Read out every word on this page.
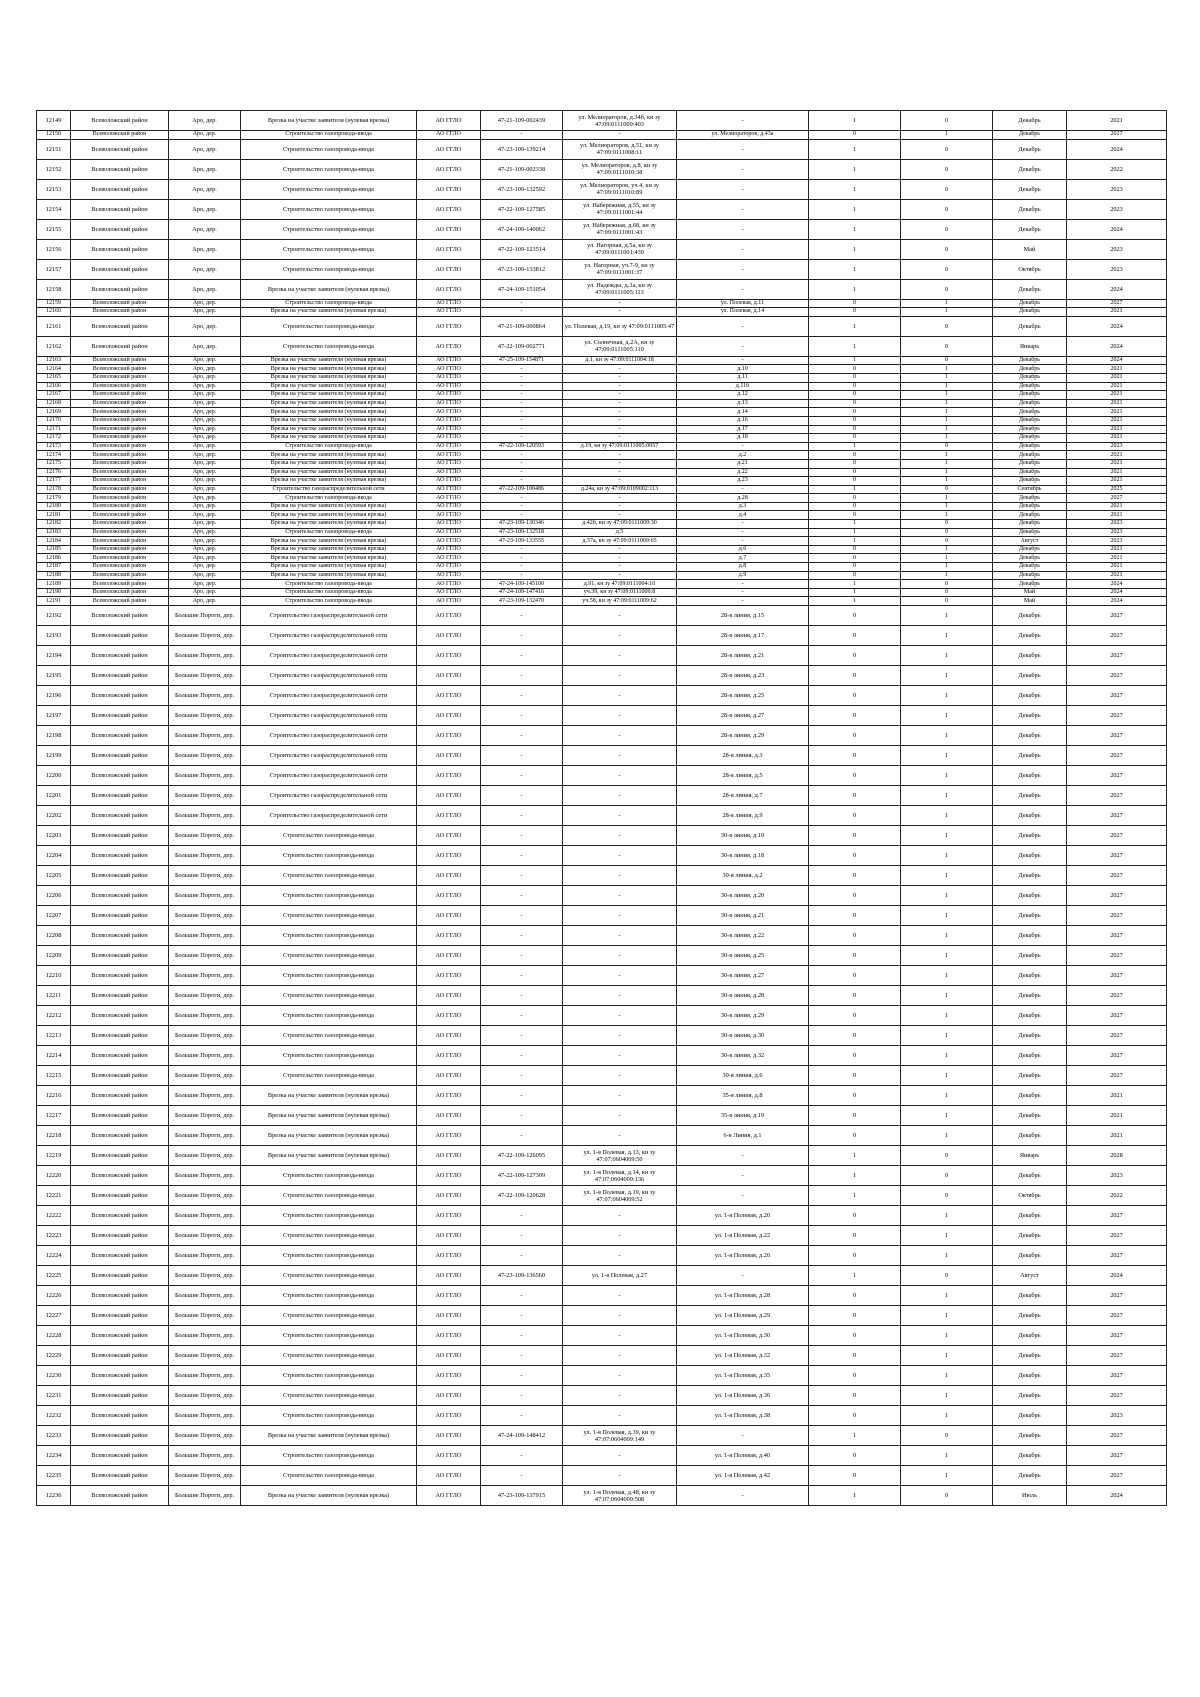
12149	Всеволожский район	Аро, дер.	Врезка на участке заявителя (нулевая врезка)	АО ГГЛО	47-21-109-002439	ул. Мелиораторов, д.34б, кн зу 47:09:0111009:403	-	1	0	Декабрь	2021
12150	Всеволожский район	Аро, дер.	Строительство газопровода-ввода	АО ГГЛО	-	-	ул. Мелиораторов, д.43а	0	1	Декабрь	2027
12151	Всеволожский район	Аро, дер.	Строительство газопровода-ввода	АО ГГЛО	47-23-109-139214	ул. Мелиораторов, д.51, кн зу 47:09:0111008:11	-	1	0	Декабрь	2024
12152	Всеволожский район	Аро, дер.	Строительство газопровода-ввода	АО ГГЛО	47-21-109-002338	ул. Мелиораторов, д.8, кн зу 47:09:0111010:38	-	1	0	Декабрь	2022
12153	Всеволожский район	Аро, дер.	Строительство газопровода-ввода	АО ГГЛО	47-23-109-132592	ул. Мелиораторов, уч.4, кн зу 47:09:0111010:89	-	1	0	Декабрь	2023
12154	Всеволожский район	Аро, дер.	Строительство газопровода-ввода	АО ГГЛО	47-22-109-127585	ул. Набережная, д.55, кн зу 47:09:0111001:44	-	1	0	Декабрь	2023
12155	Всеволожский район	Аро, дер.	Строительство газопровода-ввода	АО ГГЛО	47-24-109-140062	ул. Набережная, д.68, кн зу 47:09:0111001:43	-	1	0	Декабрь	2024
12156	Всеволожский район	Аро, дер.	Строительство газопровода-ввода	АО ГГЛО	47-22-109-123514	ул. Нагорная, д.5а, кн зу 47:09:0111001:439	-	1	0	Май	2023
12157	Всеволожский район	Аро, дер.	Строительство газопровода-ввода	АО ГГЛО	47-23-109-133812	ул. Нагорная, уч.7-9, кн зу 47:09:0111001:37	-	1	0	Октябрь	2023
12158	Всеволожский район	Аро, дер.	Врезка на участке заявителя (нулевая врезка)	АО ГГЛО	47-24-109-151054	ул. Надежды, д.3а, кн зу 47:09:0111005:113	-	1	0	Декабрь	2024
12159	Всеволожский район	Аро, дер.	Строительство газопровода-ввода	АО ГГЛО	-	-	ул. Полевая, д.11	0	1	Декабрь	2027
12160	Всеволожский район	Аро, дер.	Врезка на участке заявителя (нулевая врезка)	АО ГГЛО	-	-	ул. Полевая, д.14	0	1	Декабрь	2021
12161	Всеволожский район	Аро, дер.	Строительство газопровода-ввода	АО ГГЛО	47-21-109-000864	ул. Полевая, д.19, кн зу 47:09:0111005:47	-	1	0	Декабрь	2024
12162	Всеволожский район	Аро, дер.	Строительство газопровода-ввода	АО ГГЛО	47-22-109-002771	ул. Солнечная, д.2А, кн зу 47:09:0111005:110	-	1	0	Январь	2024
12163	Всеволожский район	Аро, дер.	Врезка на участке заявителя (нулевая врезка)	АО ГГЛО	47-25-109-154871	д.1, кн зу 47:09:0111004:18	-	1	0	Декабрь	2024
12164	Всеволожский район	Аро, дер.	Врезка на участке заявителя (нулевая врезка)	АО ГГЛО	-	-	д.10	0	1	Декабрь	2021
12165	Всеволожский район	Аро, дер.	Врезка на участке заявителя (нулевая врезка)	АО ГГЛО	-	-	д.11	0	1	Декабрь	2021
12166	Всеволожский район	Аро, дер.	Врезка на участке заявителя (нулевая врезка)	АО ГГЛО	-	-	д.11б	0	1	Декабрь	2021
12167	Всеволожский район	Аро, дер.	Врезка на участке заявителя (нулевая врезка)	АО ГГЛО	-	-	д.12	0	1	Декабрь	2021
12168	Всеволожский район	Аро, дер.	Врезка на участке заявителя (нулевая врезка)	АО ГГЛО	-	-	д.13	0	1	Декабрь	2021
12169	Всеволожский район	Аро, дер.	Врезка на участке заявителя (нулевая врезка)	АО ГГЛО	-	-	д.14	0	1	Декабрь	2021
12170	Всеволожский район	Аро, дер.	Врезка на участке заявителя (нулевая врезка)	АО ГГЛО	-	-	д.16	0	1	Декабрь	2021
12171	Всеволожский район	Аро, дер.	Врезка на участке заявителя (нулевая врезка)	АО ГГЛО	-	-	д.17	0	1	Декабрь	2021
12172	Всеволожский район	Аро, дер.	Врезка на участке заявителя (нулевая врезка)	АО ГГЛО	-	-	д.18	0	1	Декабрь	2021
12173	Всеволожский район	Аро, дер.	Строительство газопровода-ввода	АО ГГЛО	47-22-109-120593	д.19, кн зу 47:09:0111005:0057	-	1	0	Декабрь	2023
12174	Всеволожский район	Аро, дер.	Врезка на участке заявителя (нулевая врезка)	АО ГГЛО	-	-	д.2	0	1	Декабрь	2021
12175	Всеволожский район	Аро, дер.	Врезка на участке заявителя (нулевая врезка)	АО ГГЛО	-	-	д.21	0	1	Декабрь	2021
12176	Всеволожский район	Аро, дер.	Врезка на участке заявителя (нулевая врезка)	АО ГГЛО	-	-	д.22	0	1	Декабрь	2021
12177	Всеволожский район	Аро, дер.	Врезка на участке заявителя (нулевая врезка)	АО ГГЛО	-	-	д.23	0	1	Декабрь	2021
12178	Всеволожский район	Аро, дер.	Строительство газораспределительной сети	АО ГГЛО	47-22-109-100486	д.24а, кн зу 47:09:0109002:113	-	1	0	Сентябрь	2025
12179	Всеволожский район	Аро, дер.	Строительство газопровода-ввода	АО ГГЛО	-	-	д.28	0	1	Декабрь	2027
12180	Всеволожский район	Аро, дер.	Врезка на участке заявителя (нулевая врезка)	АО ГГЛО	-	-	д.3	0	1	Декабрь	2021
12181	Всеволожский район	Аро, дер.	Врезка на участке заявителя (нулевая врезка)	АО ГГЛО	-	-	д.4	0	1	Декабрь	2021
12182	Всеволожский район	Аро, дер.	Врезка на участке заявителя (нулевая врезка)	АО ГГЛО	47-23-109-130346	д.42б, кн зу 47:09:0111009:30	-	1	0	Декабрь	2023
12183	Всеволожский район	Аро, дер.	Строительство газопровода-ввода	АО ГГЛО	47-23-109-132518	д.5	-	1	0	Декабрь	2023
12184	Всеволожский район	Аро, дер.	Врезка на участке заявителя (нулевая врезка)	АО ГГЛО	47-23-109-133555	д.57а, кн зу 47:09:0111009:65	-	1	0	Август	2023
12185	Всеволожский район	Аро, дер.	Врезка на участке заявителя (нулевая врезка)	АО ГГЛО	-	-	д.6	0	1	Декабрь	2021
12186	Всеволожский район	Аро, дер.	Врезка на участке заявителя (нулевая врезка)	АО ГГЛО	-	-	д.7	0	1	Декабрь	2021
12187	Всеволожский район	Аро, дер.	Врезка на участке заявителя (нулевая врезка)	АО ГГЛО	-	-	д.8	0	1	Декабрь	2021
12188	Всеволожский район	Аро, дер.	Врезка на участке заявителя (нулевая врезка)	АО ГГЛО	-	-	д.9	0	1	Декабрь	2021
12189	Всеволожский район	Аро, дер.	Строительство газопровода-ввода	АО ГГЛО	47-24-109-145100	д.91, кн зу 47:09:0111004:10	-	1	0	Декабрь	2024
12190	Всеволожский район	Аро, дер.	Строительство газопровода-ввода	АО ГГЛО	47-24-109-147416	уч.39, кн зу 47:09:0111009:8	-	1	0	Май	2024
12191	Всеволожский район	Аро, дер.	Строительство газопровода-ввода	АО ГГЛО	47-23-109-132470	уч.58, кн зу 47:09:0111009:62	-	1	0	Май	2024
12192	Всеволожский район	Большие Пороги, дер.	Строительство газораспределительной сети	АО ГГЛО	-	-	28-я линия, д.15	0	1	Декабрь	2027
12193	Всеволожский район	Большие Пороги, дер.	Строительство газораспределительной сети	АО ГГЛО	-	-	28-я линия, д.17	0	1	Декабрь	2027
12194	Всеволожский район	Большие Пороги, дер.	Строительство газораспределительной сети	АО ГГЛО	-	-	28-я линия, д.21	0	1	Декабрь	2027
12195	Всеволожский район	Большие Пороги, дер.	Строительство газораспределительной сети	АО ГГЛО	-	-	28-я линия, д.23	0	1	Декабрь	2027
12196	Всеволожский район	Большие Пороги, дер.	Строительство газораспределительной сети	АО ГГЛО	-	-	28-я линия, д.25	0	1	Декабрь	2027
12197	Всеволожский район	Большие Пороги, дер.	Строительство газораспределительной сети	АО ГГЛО	-	-	28-я линия, д.27	0	1	Декабрь	2027
12198	Всеволожский район	Большие Пороги, дер.	Строительство газораспределительной сети	АО ГГЛО	-	-	28-я линия, д.29	0	1	Декабрь	2027
12199	Всеволожский район	Большие Пороги, дер.	Строительство газораспределительной сети	АО ГГЛО	-	-	28-я линия, д.3	0	1	Декабрь	2027
12200	Всеволожский район	Большие Пороги, дер.	Строительство газораспределительной сети	АО ГГЛО	-	-	28-я линия, д.5	0	1	Декабрь	2027
12201	Всеволожский район	Большие Пороги, дер.	Строительство газораспределительной сети	АО ГГЛО	-	-	28-я линия, д.7	0	1	Декабрь	2027
12202	Всеволожский район	Большие Пороги, дер.	Строительство газораспределительной сети	АО ГГЛО	-	-	28-я линия, д.9	0	1	Декабрь	2027
12203	Всеволожский район	Большие Пороги, дер.	Строительство газопровода-ввода	АО ГГЛО	-	-	30-я линия, д.10	0	1	Декабрь	2027
12204	Всеволожский район	Большие Пороги, дер.	Строительство газопровода-ввода	АО ГГЛО	-	-	30-я линия, д.18	0	1	Декабрь	2027
12205	Всеволожский район	Большие Пороги, дер.	Строительство газопровода-ввода	АО ГГЛО	-	-	30-я линия, д.2	0	1	Декабрь	2027
12206	Всеволожский район	Большие Пороги, дер.	Строительство газопровода-ввода	АО ГГЛО	-	-	30-я линия, д.20	0	1	Декабрь	2027
12207	Всеволожский район	Большие Пороги, дер.	Строительство газопровода-ввода	АО ГГЛО	-	-	30-я линия, д.21	0	1	Декабрь	2027
12208	Всеволожский район	Большие Пороги, дер.	Строительство газопровода-ввода	АО ГГЛО	-	-	30-я линия, д.22	0	1	Декабрь	2027
12209	Всеволожский район	Большие Пороги, дер.	Строительство газопровода-ввода	АО ГГЛО	-	-	30-я линия, д.25	0	1	Декабрь	2027
12210	Всеволожский район	Большие Пороги, дер.	Строительство газопровода-ввода	АО ГГЛО	-	-	30-я линия, д.27	0	1	Декабрь	2027
12211	Всеволожский район	Большие Пороги, дер.	Строительство газопровода-ввода	АО ГГЛО	-	-	30-я линия, д.28	0	1	Декабрь	2027
12212	Всеволожский район	Большие Пороги, дер.	Строительство газопровода-ввода	АО ГГЛО	-	-	30-я линия, д.29	0	1	Декабрь	2027
12213	Всеволожский район	Большие Пороги, дер.	Строительство газопровода-ввода	АО ГГЛО	-	-	30-я линия, д.30	0	1	Декабрь	2027
12214	Всеволожский район	Большие Пороги, дер.	Строительство газопровода-ввода	АО ГГЛО	-	-	30-я линия, д.32	0	1	Декабрь	2027
12215	Всеволожский район	Большие Пороги, дер.	Строительство газопровода-ввода	АО ГГЛО	-	-	30-я линия, д.6	0	1	Декабрь	2027
12216	Всеволожский район	Большие Пороги, дер.	Врезка на участке заявителя (нулевая врезка)	АО ГГЛО	-	-	35-я линия, д.8	0	1	Декабрь	2021
12217	Всеволожский район	Большие Пороги, дер.	Врезка на участке заявителя (нулевая врезка)	АО ГГЛО	-	-	35-я линия, д.19	0	1	Декабрь	2021
12218	Всеволожский район	Большие Пороги, дер.	Врезка на участке заявителя (нулевая врезка)	АО ГГЛО	-	-	6-я Линия, д.1	0	1	Декабрь	2021
12219	Всеволожский район	Большие Пороги, дер.	Врезка на участке заявителя (нулевая врезка)	АО ГГЛО	47-22-109-126095	ул. 1-я Полевая, д.13, кн зу 47:07:0604009:50	-	1	0	Январь	2028
12220	Всеволожский район	Большие Пороги, дер.	Строительство газопровода-ввода	АО ГГЛО	47-22-109-127309	ул. 1-я Полевая, д.14, кн зу 47:07:0604009:136	-	1	0	Декабрь	2023
12221	Всеволожский район	Большие Пороги, дер.	Строительство газопровода-ввода	АО ГГЛО	47-22-109-120628	ул. 1-я Полевая, д.19, кн зу 47:07:0604009:52	-	1	0	Октябрь	2022
12222	Всеволожский район	Большие Пороги, дер.	Строительство газопровода-ввода	АО ГГЛО	-	-	ул. 1-я Полевая, д.20	0	1	Декабрь	2027
12223	Всеволожский район	Большие Пороги, дер.	Строительство газопровода-ввода	АО ГГЛО	-	-	ул. 1-я Полевая, д.22	0	1	Декабрь	2027
12224	Всеволожский район	Большие Пороги, дер.	Строительство газопровода-ввода	АО ГГЛО	-	-	ул. 1-я Полевая, д.26	0	1	Декабрь	2027
12225	Всеволожский район	Большие Пороги, дер.	Строительство газопровода-ввода	АО ГГЛО	47-23-109-136560	ул. 1-я Полевая, д.27	-	1	0	Август	2024
12226	Всеволожский район	Большие Пороги, дер.	Строительство газопровода-ввода	АО ГГЛО	-	-	ул. 1-я Полевая, д.28	0	1	Декабрь	2027
12227	Всеволожский район	Большие Пороги, дер.	Строительство газопровода-ввода	АО ГГЛО	-	-	ул. 1-я Полевая, д.29	0	1	Декабрь	2027
12228	Всеволожский район	Большие Пороги, дер.	Строительство газопровода-ввода	АО ГГЛО	-	-	ул. 1-я Полевая, д.30	0	1	Декабрь	2027
12229	Всеволожский район	Большие Пороги, дер.	Строительство газопровода-ввода	АО ГГЛО	-	-	ул. 1-я Полевая, д.32	0	1	Декабрь	2027
12230	Всеволожский район	Большие Пороги, дер.	Строительство газопровода-ввода	АО ГГЛО	-	-	ул. 1-я Полевая, д.35	0	1	Декабрь	2027
12231	Всеволожский район	Большие Пороги, дер.	Строительство газопровода-ввода	АО ГГЛО	-	-	ул. 1-я Полевая, д.36	0	1	Декабрь	2027
12232	Всеволожский район	Большие Пороги, дер.	Строительство газопровода-ввода	АО ГГЛО	-	-	ул. 1-я Полевая, д.38	0	1	Декабрь	2023
12233	Всеволожский район	Большие Пороги, дер.	Врезка на участке заявителя (нулевая врезка)	АО ГГЛО	47-24-109-148412	ул. 1-я Полевая, д.39, кн зу 47:07:0604009:149	-	1	0	Декабрь	2027
12234	Всеволожский район	Большие Пороги, дер.	Строительство газопровода-ввода	АО ГГЛО	-	-	ул. 1-я Полевая, д.40	0	1	Декабрь	2027
12235	Всеволожский район	Большие Пороги, дер.	Строительство газопровода-ввода	АО ГГЛО	-	-	ул. 1-я Полевая, д.42	0	1	Декабрь	2027
12236	Всеволожский район	Большие Пороги, дер.	Врезка на участке заявителя (нулевая врезка)	АО ГГЛО	47-23-109-137915	ул. 1-я Полевая, д.48, кн зу 47:07:0604009:508	-	1	0	Июль	2024
